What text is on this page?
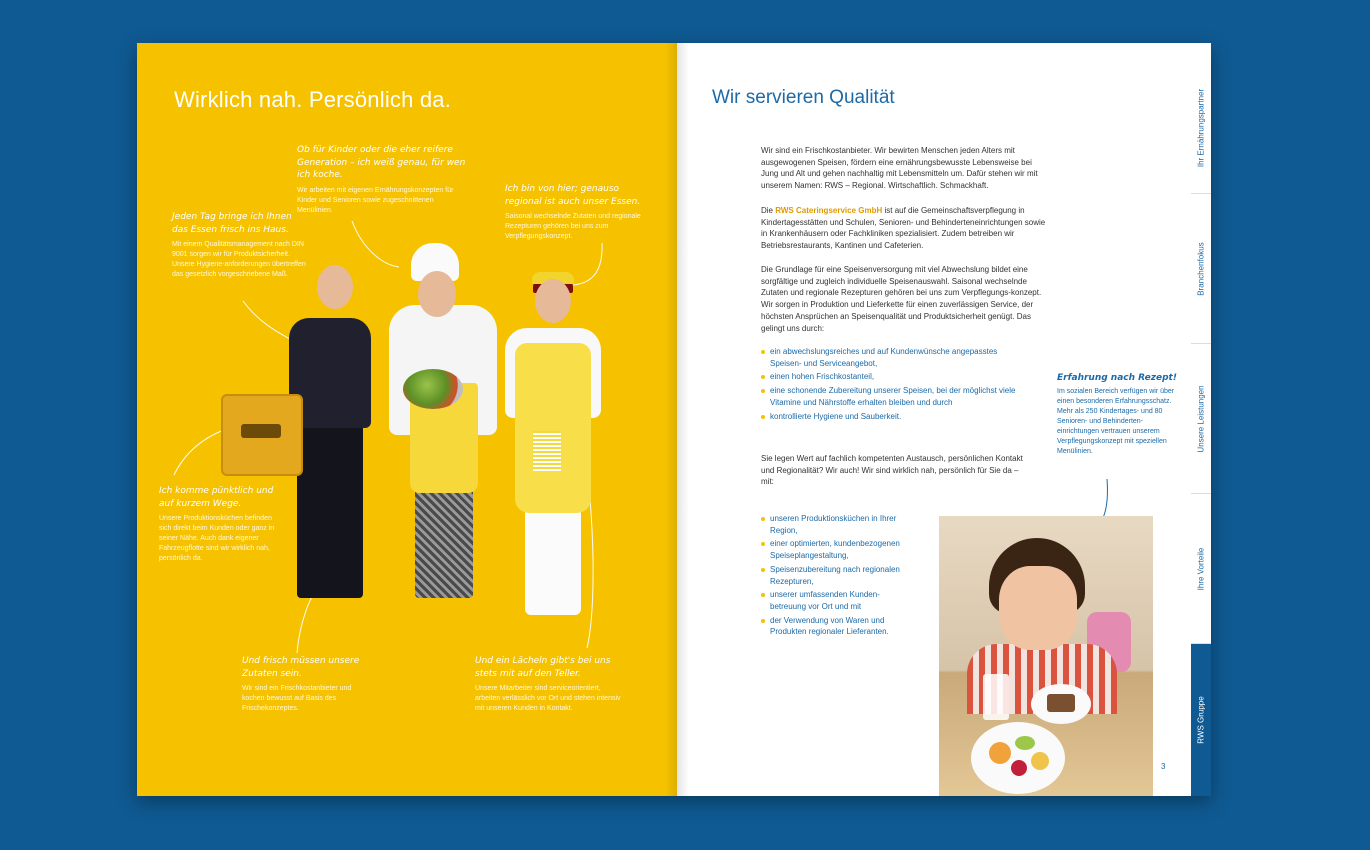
Wirklich nah. Persönlich da.
Ob für Kinder oder die eher reifere Generation – ich weiß genau, für wen ich koche.
Wir arbeiten mit eigenen Ernährungskonzepten für Kinder und Senioren sowie zugeschnittenen Menülinien.
Jeden Tag bringe ich Ihnen das Essen frisch ins Haus.
Mit einem Qualitätsmanagement nach DIN 9001 sorgen wir für Produktsicherheit. Unsere Hygiene-anforderungen übertreffen das gesetzlich vorgeschriebene Maß.
Ich bin von hier; genauso regional ist auch unser Essen.
Saisonal wechselnde Zutaten und regionale Rezepturen gehören bei uns zum Verpflegungskonzept.
Ich komme pünktlich und auf kurzem Wege.
Unsere Produktionsküchen befinden sich direkt beim Kunden oder ganz in seiner Nähe. Auch dank eigener Fahrzeugflotte sind wir wirklich nah, persönlich da.
Und frisch müssen unsere Zutaten sein.
Wir sind ein Frischkostanbieter und kochen bewusst auf Basis des Frischekonzeptes.
Und ein Lächeln gibt's bei uns stets mit auf den Teller.
Unsere Mitarbeiter sind serviceorientiert, arbeiten verlässlich vor Ort und stehen intensiv mit unseren Kunden in Kontakt.
Wir servieren Qualität
Wir sind ein Frischkostanbieter. Wir bewirten Menschen jeden Alters mit ausgewogenen Speisen, fördern eine ernährungsbewusste Lebensweise bei Jung und Alt und gehen nachhaltig mit Lebensmitteln um. Dafür stehen wir mit unserem Namen: RWS – Regional. Wirtschaftlich. Schmackhaft.
Die RWS Cateringservice GmbH ist auf die Gemeinschaftsverpflegung in Kindertagesstätten und Schulen, Senioren- und Behinderteneinrichtungen sowie in Krankenhäusern oder Fachkliniken spezialisiert. Zudem betreiben wir Betriebsrestaurants, Kantinen und Cafeterien.
Die Grundlage für eine Speisenversorgung mit viel Abwechslung bildet eine sorgfältige und zugleich individuelle Speisenauswahl. Saisonal wechselnde Zutaten und regionale Rezepturen gehören bei uns zum Verpflegungs-konzept. Wir sorgen in Produktion und Lieferkette für einen zuverlässigen Service, der höchsten Ansprüchen an Speisenqualität und Produktsicherheit genügt. Das gelingt uns durch:
ein abwechslungsreiches und auf Kundenwünsche angepasstes Speisen- und Serviceangebot,
einen hohen Frischkostanteil,
eine schonende Zubereitung unserer Speisen, bei der möglichst viele Vitamine und Nährstoffe erhalten bleiben und durch
kontrollierte Hygiene und Sauberkeit.
Sie legen Wert auf fachlich kompetenten Austausch, persönlichen Kontakt und Regionalität? Wir auch! Wir sind wirklich nah, persönlich für Sie da – mit:
unseren Produktionsküchen in Ihrer Region,
einer optimierten, kundenbezogenen Speiseplangestaltung,
Speisenzubereitung nach regionalen Rezepturen,
unserer umfassenden Kunden-betreuung vor Ort und mit
der Verwendung von Waren und Produkten regionaler Lieferanten.
Erfahrung nach Rezept!
Im sozialen Bereich verfügen wir über einen besonderen Erfahrungsschatz. Mehr als 250 Kindertages- und 80 Senioren- und Behinderten-einrichtungen vertrauen unserem Verpflegungskonzept mit speziellen Menülinien.
3
Ihr Ernährungspartner
Branchenfokus
Unsere Leistungen
Ihre Vorteile
RWS Gruppe
